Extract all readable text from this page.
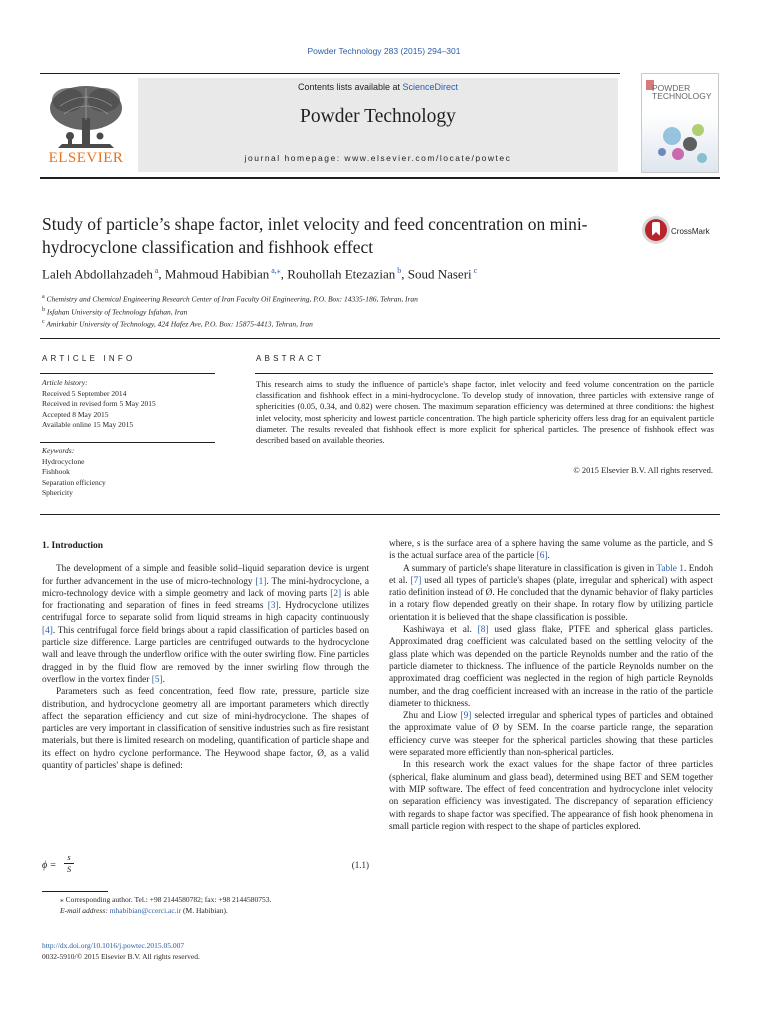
Powder Technology 283 (2015) 294–301
ELSEVIER
Contents lists available at ScienceDirect
Powder Technology
journal homepage: www.elsevier.com/locate/powtec
POWDER
TECHNOLOGY
Study of particle’s shape factor, inlet velocity and feed concentration on mini-hydrocyclone classification and fishhook effect
CrossMark
Laleh Abdollahzadeh $^a$, Mahmoud Habibian $^{a,⁎}$, Rouhollah Etezazian $^b$, Soud Naseri $^c$
$^a$ Chemistry and Chemical Engineering Research Center of Iran Faculty Oil Engineering, P.O. Box: 14335-186, Tehran, Iran
$^b$ Isfahan University of Technology Isfahan, Iran
$^c$ Amirkabir University of Technology, 424 Hafez Ave, P.O. Box: 15875-4413, Tehran, Iran
ARTICLE INFO	ABSTRACT
Article history:
Received 5 September 2014
Received in revised form 5 May 2015
Accepted 8 May 2015
Available online 15 May 2015
Keywords:
Hydrocyclone
Fishhook
Separation efficiency
Sphericity
This research aims to study the influence of particle's shape factor, inlet velocity and feed volume concentration on the particle classification and fishhook effect in a mini-hydrocyclone. To develop study of innovation, three particles with extensive range of sphericities (0.05, 0.34, and 0.82) were chosen. The maximum separation efficiency was determined at three conditions: the highest inlet velocity, most sphericity and lowest particle concentration. The high particle sphericity offers less drag for an equivalent particle diameter. The results revealed that fishhook effect is more explicit for spherical particles. The presence of fishhook effect was described based on available theories.
© 2015 Elsevier B.V. All rights reserved.

1. Introduction

The development of a simple and feasible solid–liquid separation device is urgent for further advancement in the use of micro-technology [1]. The mini-hydrocyclone, a micro-technology device with a simple geometry and lack of moving parts [2] is able for fractionating and separation of fines in feed streams [3]. Hydrocyclone utilizes centrifugal force to separate solid from liquid streams in high capacity continuously [4]. This centrifugal force field brings about a rapid classification of particles based on particle size difference. Large particles are centrifuged outwards to the hydrocyclone wall and leave through the underflow orifice with the outer swirling flow. Fine particles dragged in by the fluid flow are removed by the inner swirling flow through the overflow in the vortex finder [5].

Parameters such as feed concentration, feed flow rate, pressure, particle size distribution, and hydrocyclone geometry all are important parameters which directly affect the separation efficiency and cut size of mini-hydrocyclone. The shapes of particles are very important in classification of sensitive industries such as fire resistant materials, but there is limited research on modeling, quantification of particle shape and its effect on hydro cyclone performance. The Heywood shape factor, Ø, as a valid quantity of particles' shape is defined:

$\phi = \frac{s}{S}$	(1.1)
⁎ Corresponding author. Tel.: +98 2144580782; fax: +98 2144580753.
E-mail address: mhabibian@ccerci.ac.ir (M. Habibian).
http://dx.doi.org/10.1016/j.powtec.2015.05.007
0032-5910/© 2015 Elsevier B.V. All rights reserved.

where, s is the surface area of a sphere having the same volume as the particle, and S is the actual surface area of the particle [6].

A summary of particle's shape literature in classification is given in Table 1. Endoh et al. [7] used all types of particle's shapes (plate, irregular and spherical) with aspect ratio definition instead of Ø. He concluded that the dynamic behavior of flaky particles in a rotary flow depended greatly on their shape. In rotary flow by utilizing particle orientation it is believed that the shape classification is possible.

Kashiwaya et al. [8] used glass flake, PTFE and spherical glass particles. Approximated drag coefficient was calculated based on the settling velocity of the glass plate which was depended on the particle Reynolds number and the ratio of the particle diameter to thickness. The influence of the particle Reynolds number on the approximated drag coefficient was neglected in the region of high particle Reynolds number, and the drag coefficient increased with an increase in the ratio of the particle diameter to thickness.

Zhu and Liow [9] selected irregular and spherical types of particles and obtained the approximate value of Ø by SEM. In the coarse particle range, the separation efficiency curve was steeper for the spherical particles showing that these particles were separated more efficiently than non-spherical particles.

In this research work the exact values for the shape factor of three particles (spherical, flake aluminum and glass bead), determined using BET and SEM together with MIP software. The effect of feed concentration and hydrocyclone inlet velocity on separation efficiency was investigated. The discrepancy of separation efficiency with regards to shape factor was specified. The appearance of fish hook phenomena in small particle region with respect to the shape of particles explored.
